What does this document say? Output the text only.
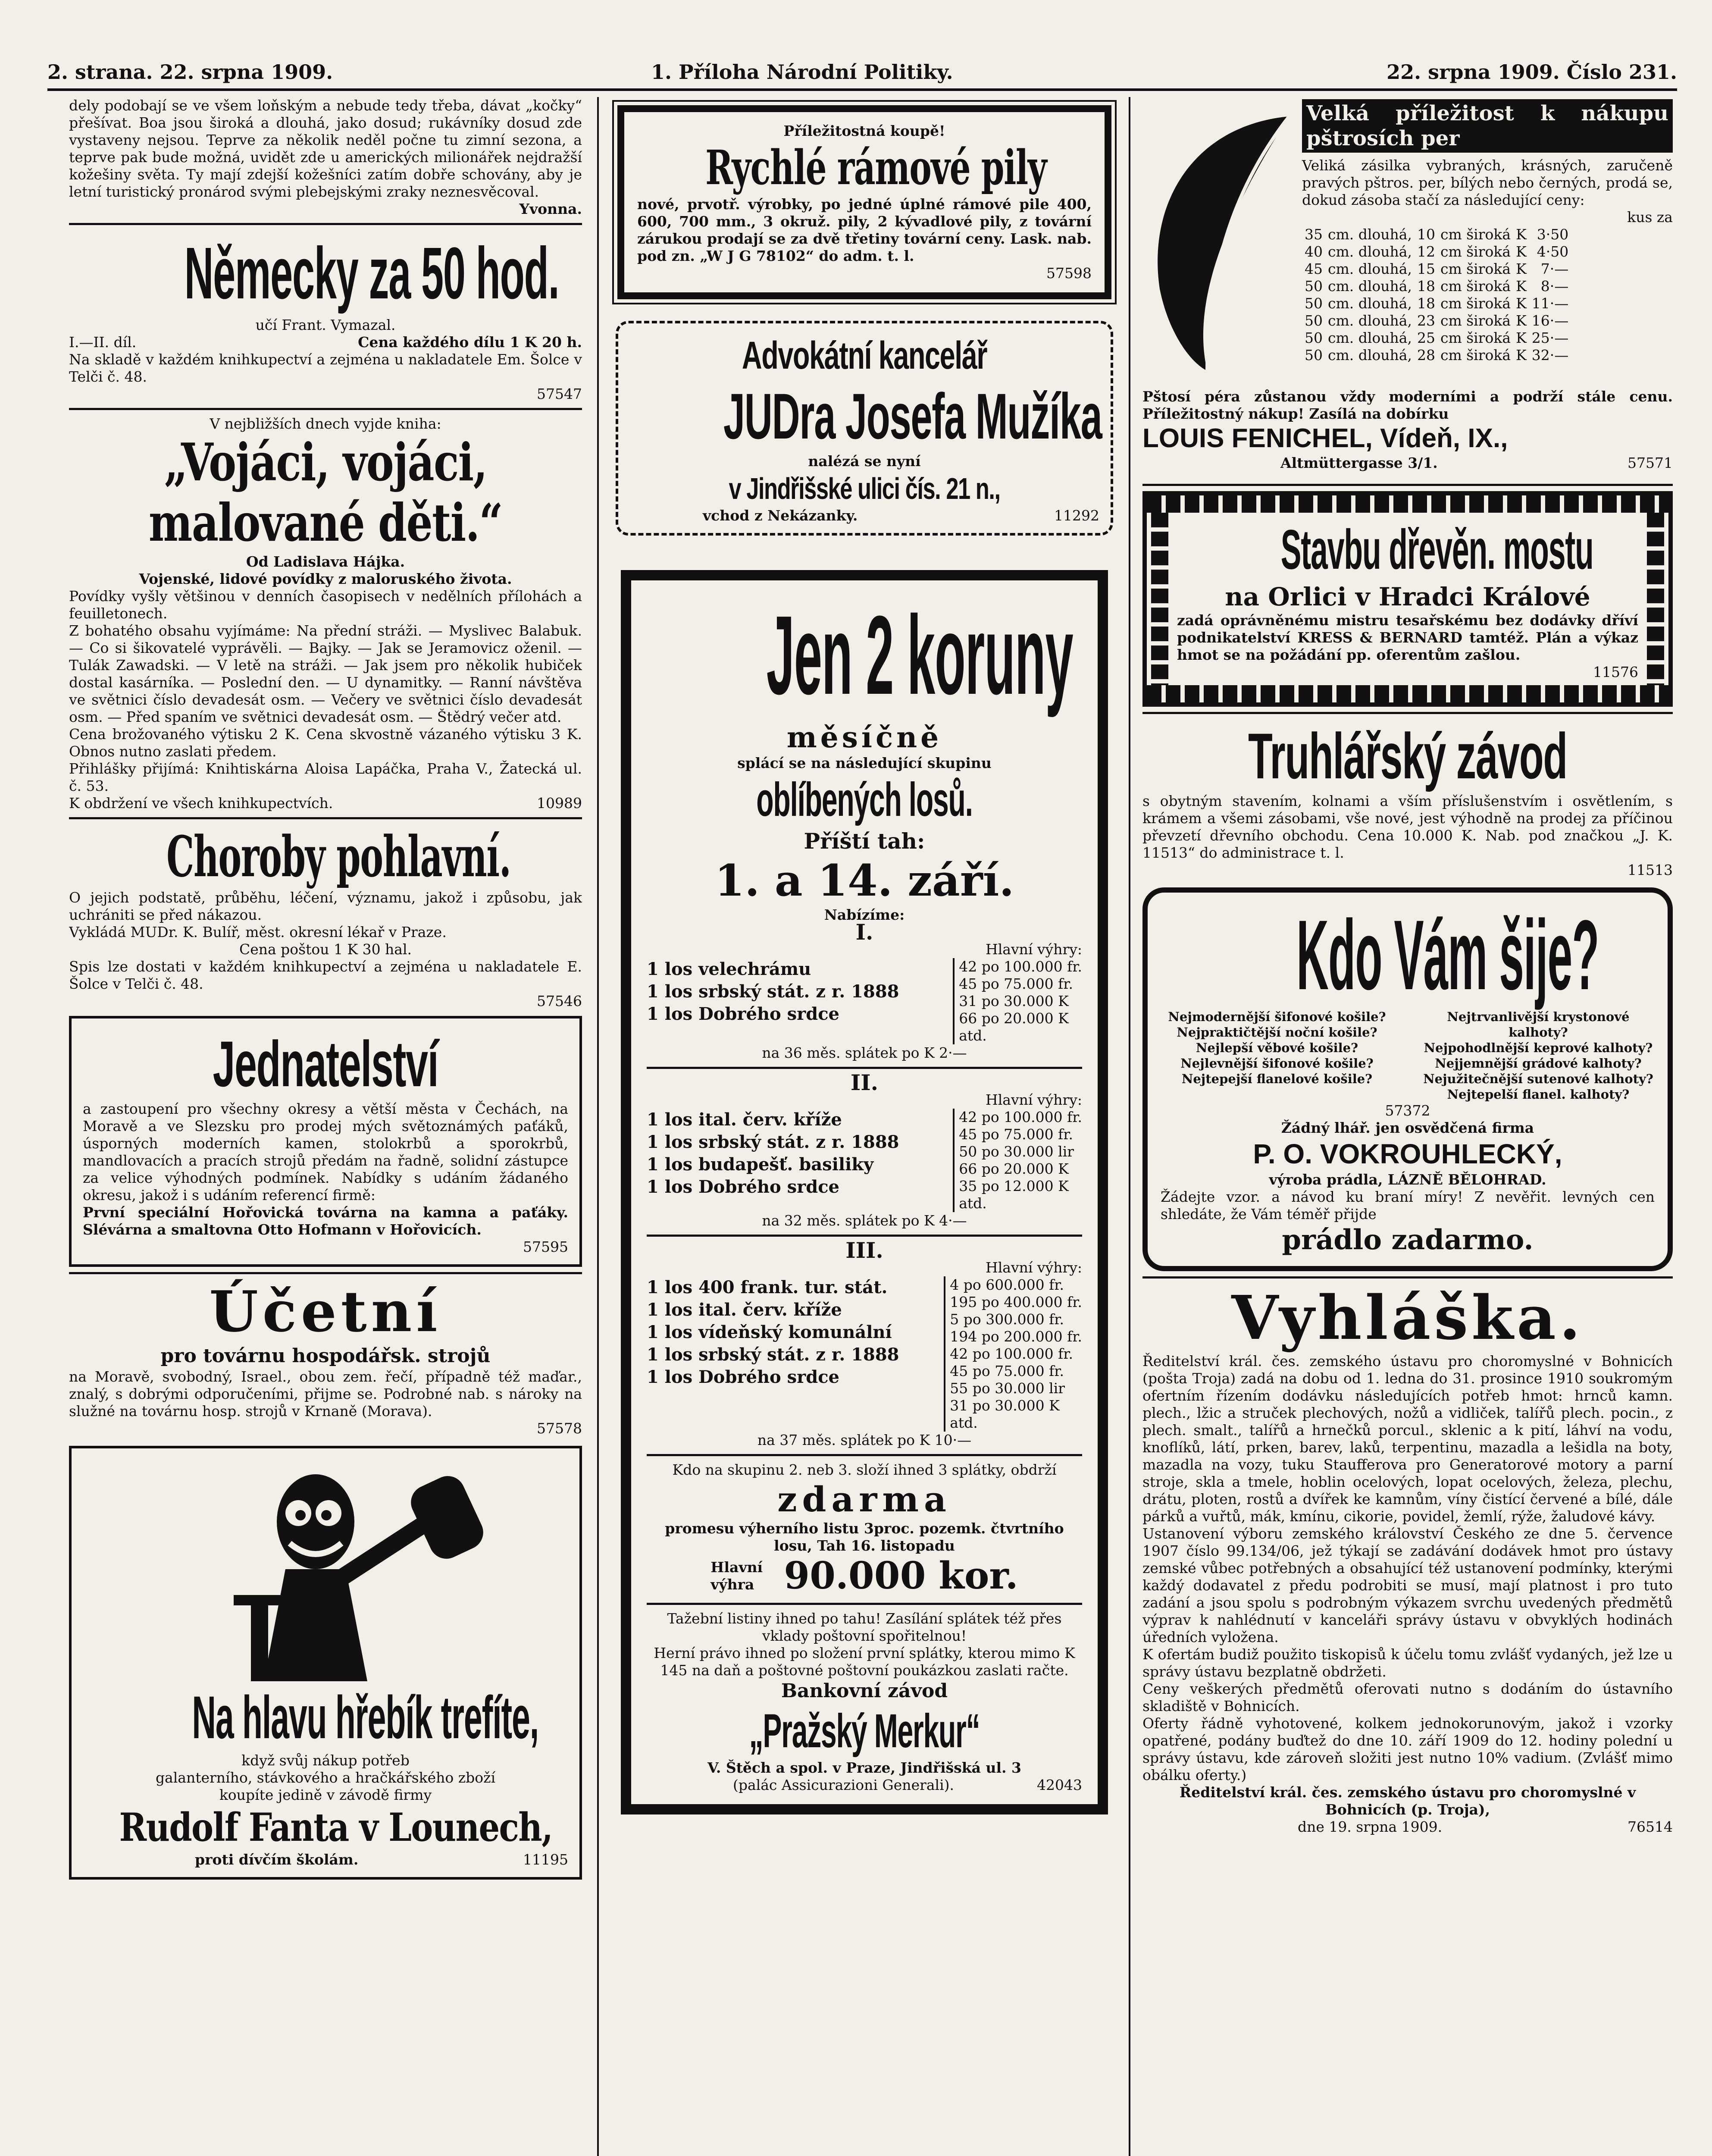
2. strana. 22. srpna 1909.	1. Příloha Národní Politiky.	22. srpna 1909. Číslo 231.

dely podobají se ve všem loňským a nebude tedy třeba, dávat „kočky“ přešívat. Boa jsou široká a dlouhá, jako dosud; rukávníky dosud zde vystaveny nejsou. Teprve za několik neděl počne tu zimní sezona, a teprve pak bude možná, uvidět zde u amerických milionářek nejdražší kožešiny světa. Ty mají zdejší kožešníci zatím dobře schovány, aby je letní turistický pronárod svými plebejskými zraky neznesvěcoval.

Yvonna.

Německy za 50 hod.

učí Frant. Vymazal.

I.—II. díl.	Cena každého dílu 1 K 20 h.

Na skladě v každém knihkupectví a zejména u nakladatele Em. Šolce v Telči č. 48.

57547

V nejbližších dnech vyjde kniha:

„Vojáci, vojáci,
malované děti.“

Od Ladislava Hájka.

Vojenské, lidové povídky z maloruského života.

Povídky vyšly většinou v denních časopisech v nedělních přílohách a feuilletonech.

Z bohatého obsahu vyjímáme: Na přední stráži. — Myslivec Balabuk. — Co si šikovatelé vyprávěli. — Bajky. — Jak se Jeramovicz oženil. — Tulák Zawadski. — V letě na stráži. — Jak jsem pro několik hubiček dostal kasárníka. — Poslední den. — U dynamitky. — Ranní návštěva ve světnici číslo devadesát osm. — Večery ve světnici číslo devadesát osm. — Před spaním ve světnici devadesát osm. — Štědrý večer atd.

Cena brožovaného výtisku 2 K. Cena skvostně vázaného výtisku 3 K. Obnos nutno zaslati předem.

Přihlášky přijímá: Knihtiskárna Aloisa Lapáčka, Praha V., Žatecká ul. č. 53.

K obdržení ve všech knihkupectvích.	10989
Choroby pohlavní.

O jejich podstatě, průběhu, léčení, významu, jakož i způsobu, jak uchrániti se před nákazou.

Vykládá MUDr. K. Bulíř, měst. okresní lékař v Praze.

Cena poštou 1 K 30 hal.

Spis lze dostati v každém knihkupectví a zejména u nakladatele E. Šolce v Telči č. 48.

57546

Jednatelství

a zastoupení pro všechny okresy a větší města v Čechách, na Moravě a ve Slezsku pro prodej mých světoznámých paťáků, úsporných moderních kamen, stolokrbů a sporokrbů, mandlovacích a pracích strojů předám na řadně, solidní zástupce za velice výhodných podmínek. Nabídky s udáním žádaného okresu, jakož i s udáním referencí firmě:

První speciální Hořovická továrna na kamna a paťáky. Slévárna a smaltovna Otto Hofmann v Hořovicích.

57595

Účetní

pro továrnu hospodářsk. strojů

na Moravě, svobodný, Israel., obou zem. řečí, případně též maďar., znalý, s dobrými odporučeními, přijme se. Podrobné nab. s nároky na služné na továrnu hosp. strojů v Krnaně (Morava).

57578

Na hlavu hřebík trefíte,

když svůj nákup potřeb

galanterního, stávkového a hračkářského zboží

koupíte jedině v závodě firmy

Rudolf Fanta v Lounech,
proti dívčím školám.	11195

Příležitostná koupě!

Rychlé rámové pily

nové, prvotř. výrobky, po jedné úplné rámové pile 400, 600, 700 mm., 3 okruž. pily, 2 kývadlové pily, z tovární zárukou prodají se za dvě třetiny tovární ceny. Lask. nab. pod zn. „W J G 78102“ do adm. t. l.

57598

Advokátní kancelář
JUDra Josefa Mužíka

nalézá se nyní

v Jindřišské ulici čís. 21 n.,
vchod z Nekázanky.	11292
Jen 2 koruny

měsíčně

splácí se na následující skupinu

oblíbených losů.

Příští tah:

1. a 14. září.

Nabízíme:

I.

Hlavní výhry:

1 los velechrámu

1 los srbský stát. z r. 1888

1 los Dobrého srdce

42 po 100.000 fr.

45 po 75.000 fr.

31 po 30.000 K

66 po 20.000 K

atd.

na 36 měs. splátek po K 2·—

II.

Hlavní výhry:

1 los ital. červ. kříže

1 los srbský stát. z r. 1888

1 los budapešť. basiliky

1 los Dobrého srdce

42 po 100.000 fr.

45 po 75.000 fr.

50 po 30.000 lir

66 po 20.000 K

35 po 12.000 K

atd.

na 32 měs. splátek po K 4·—

III.

Hlavní výhry:

1 los 400 frank. tur. stát.

1 los ital. červ. kříže

1 los vídeňský komunální

1 los srbský stát. z r. 1888

1 los Dobrého srdce

4 po 600.000 fr.

195 po 400.000 fr.

5 po 300.000 fr.

194 po 200.000 fr.

42 po 100.000 fr.

45 po 75.000 fr.

55 po 30.000 lir

31 po 30.000 K

atd.

na 37 měs. splátek po K 10·—

Kdo na skupinu 2. neb 3. složí ihned 3 splátky, obdrží

zdarma

promesu výherního listu 3proc. pozemk. čtvrtního losu, Tah 16. listopadu

Hlavní výhra 90.000 kor.

Tažební listiny ihned po tahu! Zasílání splátek též přes vklady poštovní spořitelnou!

Herní právo ihned po složení první splátky, kterou mimo K 145 na daň a poštovné poštovní poukázkou zaslati račte.

Bankovní závod

„Pražský Merkur“

V. Štěch a spol. v Praze, Jindřišská ul. 3

(palác Assicurazioni Generali).	42043

Velká příležitost k nákupu pštrosích per

Veliká zásilka vybraných, krásných, zaručeně pravých pštros. per, bílých nebo černých, prodá se, dokud zásoba stačí za následující ceny:

kus za

35	cm. dlouhá,	10	cm široká	K	3·50
40	cm. dlouhá,	12	cm široká	K	4·50
45	cm. dlouhá,	15	cm široká	K	7·—
50	cm. dlouhá,	18	cm široká	K	8·—
50	cm. dlouhá,	18	cm široká	K	11·—
50	cm. dlouhá,	23	cm široká	K	16·—
50	cm. dlouhá,	25	cm široká	K	25·—
50	cm. dlouhá,	28	cm široká	K	32·—

Pštosí péra zůstanou vždy moderními a podrží stále cenu. Příležitostný nákup! Zasílá na dobírku

LOUIS FENICHEL, Vídeň, IX.,

Altmüttergasse 3/1.	57571
Stavbu dřevěn. mostu

na Orlici v Hradci Králové

zadá oprávněnému mistru tesařskému bez dodávky dříví podnikatelství KRESS & BERNARD tamtéž. Plán a výkaz hmot se na požádání pp. oferentům zašlou.

11576

Truhlářský závod

s obytným stavením, kolnami a vším příslušenstvím i osvětlením, s krámem a všemi zásobami, vše nové, jest výhodně na prodej za příčinou převzetí dřevního obchodu. Cena 10.000 K. Nab. pod značkou „J. K. 11513“ do administrace t. l.

11513

Kdo Vám šije?

Nejmodernější šifonové košile?

Nejpraktičtější noční košile?

Nejlepší věbové košile?

Nejlevnější šifonové košile?

Nejtepejší flanelové košile?

Nejtrvanlivější krystonové kalhoty?

Nejpohodlnější keprové kalhoty?

Nejjemnější grádové kalhoty?

Nejužitečnější sutenové kalhoty?

Nejtepelší flanel. kalhoty?

57372

Žádný lhář. jen osvědčená firma

P. O. VOKROUHLECKÝ,

výroba prádla, LÁZNĚ BĚLOHRAD.

Žádejte vzor. a návod ku braní míry! Z nevěřit. levných cen shledáte, že Vám téměř přijde

prádlo zadarmo.

Vyhláška.

Ředitelství král. čes. zemského ústavu pro choromyslné v Bohnicích (pošta Troja) zadá na dobu od 1. ledna do 31. prosince 1910 soukromým ofertním řízením dodávku následujících potřeb hmot: hrnců kamn. plech., lžic a struček plechových, nožů a vidliček, talířů plech. pocin., z plech. smalt., talířů a hrnečků porcul., sklenic a k pití, láhví na vodu, knoflíků, látí, prken, barev, laků, terpentinu, mazadla a lešidla na boty, mazadla na vozy, tuku Staufferova pro Generatorové motory a parní stroje, skla a tmele, hoblin ocelových, lopat ocelových, železa, plechu, drátu, ploten, rostů a dvířek ke kamnům, víny čistící červené a bílé, dále párků a vuřtů, mák, kmínu, cikorie, povidel, žemlí, rýže, žaludové kávy.

Ustanovení výboru zemského království Českého ze dne 5. července 1907 číslo 99.134/06, jež týkají se zadávání dodávek hmot pro ústavy zemské vůbec potřebných a obsahující též ustanovení podmínky, kterými každý dodavatel z předu podrobiti se musí, mají platnost i pro tuto zadání a jsou spolu s podrobným výkazem svrchu uvedených předmětů výprav k nahlédnutí v kanceláři správy ústavu v obvyklých hodinách úředních vyložena.

K ofertám budiž použito tiskopisů k účelu tomu zvlášť vydaných, jež lze u správy ústavu bezplatně obdržeti.

Ceny veškerých předmětů oferovati nutno s dodáním do ústavního skladiště v Bohnicích.

Oferty řádně vyhotovené, kolkem jednokorunovým, jakož i vzorky opatřené, podány buďtež do dne 10. září 1909 do 12. hodiny polední u správy ústavu, kde zároveň složiti jest nutno 10% vadium. (Zvlášť mimo obálku oferty.)

Ředitelství král. čes. zemského ústavu pro choromyslné v Bohnicích (p. Troja),

dne 19. srpna 1909.	76514
